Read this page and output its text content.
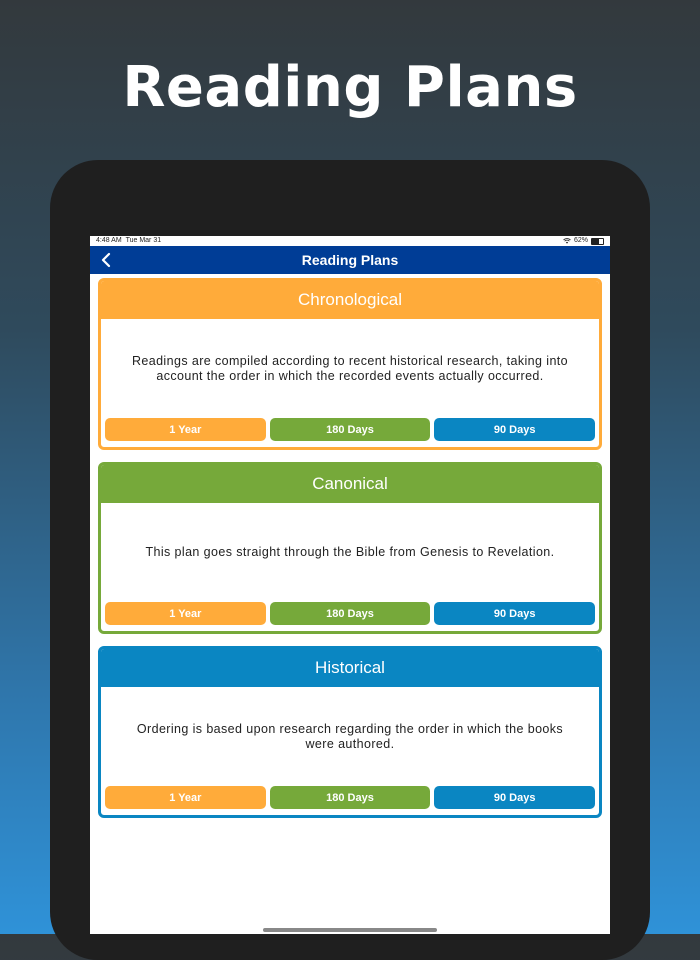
Reading Plans
4:48 AM Tue Mar 31	62%
Reading Plans
Chronological
Readings are compiled according to recent historical research, taking into account the order in which the recorded events actually occurred.
1 Year	180 Days	90 Days
Canonical
This plan goes straight through the Bible from Genesis to Revelation.
1 Year	180 Days	90 Days
Historical
Ordering is based upon research regarding the order in which the books were authored.
1 Year	180 Days	90 Days
